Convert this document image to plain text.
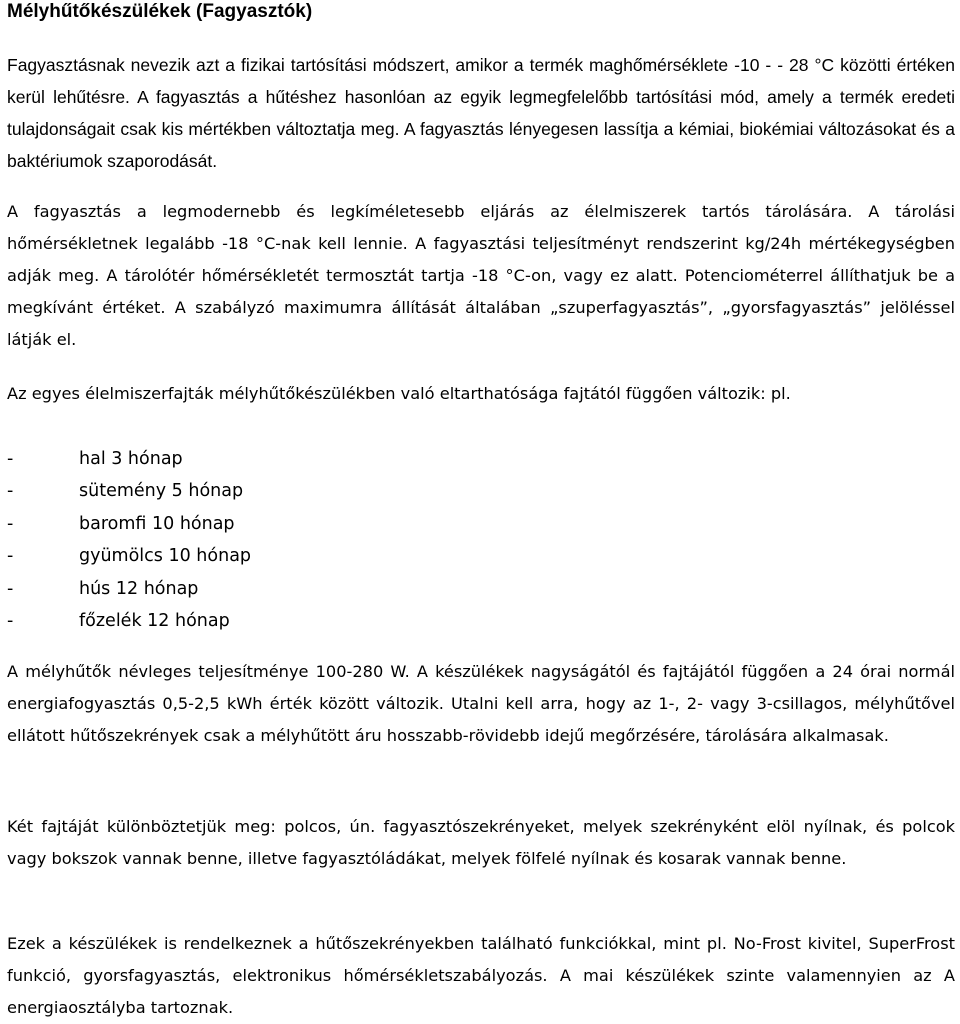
Mélyhűtőkészülékek (Fagyasztók)

Fagyasztásnak nevezik azt a fizikai tartósítási módszert, amikor a termék maghőmérséklete -10 - - 28 °C közötti értéken kerül lehűtésre. A fagyasztás a hűtéshez hasonlóan az egyik legmegfelelőbb tartósítási mód, amely a termék eredeti tulajdonságait csak kis mértékben változtatja meg. A fagyasztás lényegesen lassítja a kémiai, biokémiai változásokat és a baktériumok szaporodását.

A fagyasztás a legmodernebb és legkíméletesebb eljárás az élelmiszerek tartós tárolására. A tárolási hőmérsékletnek legalább -18 °C-nak kell lennie. A fagyasztási teljesítményt rendszerint kg/24h mértékegységben adják meg. A tárolótér hőmérsékletét termosztát tartja -18 °C-on, vagy ez alatt. Potenciométerrel állíthatjuk be a megkívánt értéket. A szabályzó maximumra állítását általában „szuperfagyasztás”, „gyorsfagyasztás” jelöléssel látják el.

Az egyes élelmiszerfajták mélyhűtőkészülékben való eltarthatósága fajtától függően változik: pl.

-	hal 3 hónap
-	sütemény 5 hónap
-	baromfi 10 hónap
-	gyümölcs 10 hónap
-	hús 12 hónap
-	főzelék 12 hónap

A mélyhűtők névleges teljesítménye 100-280 W. A készülékek nagyságától és fajtájától függően a 24 órai normál energiafogyasztás 0,5-2,5 kWh érték között változik. Utalni kell arra, hogy az 1-, 2- vagy 3-csillagos, mélyhűtővel ellátott hűtőszekrények csak a mélyhűtött áru hosszabb-rövidebb idejű megőrzésére, tárolására alkalmasak.

Két fajtáját különböztetjük meg: polcos, ún. fagyasztószekrényeket, melyek szekrényként elöl nyílnak, és polcok vagy bokszok vannak benne, illetve fagyasztóládákat, melyek fölfelé nyílnak és kosarak vannak benne.

Ezek a készülékek is rendelkeznek a hűtőszekrényekben található funkciókkal, mint pl. No-Frost kivitel, SuperFrost funkció, gyorsfagyasztás, elektronikus hőmérsékletszabályozás. A mai készülékek szinte valamennyien az A energiaosztályba tartoznak.
